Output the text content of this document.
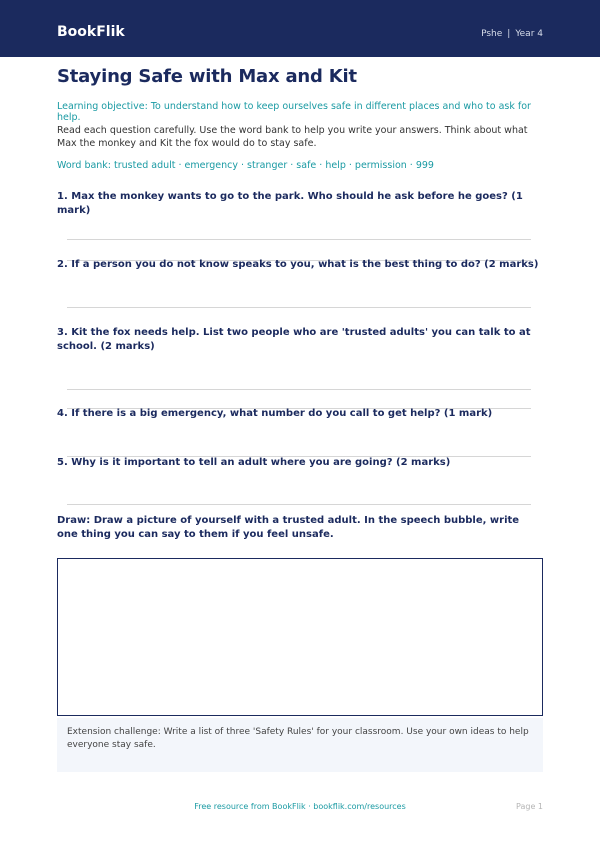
BookFlik	Pshe | Year 4
Staying Safe with Max and Kit
Learning objective: To understand how to keep ourselves safe in different places and who to ask for help.
Read each question carefully. Use the word bank to help you write your answers. Think about what Max the monkey and Kit the fox would do to stay safe.
Word bank: trusted adult · emergency · stranger · safe · help · permission · 999
1. Max the monkey wants to go to the park. Who should he ask before he goes? (1 mark)
2. If a person you do not know speaks to you, what is the best thing to do? (2 marks)
3. Kit the fox needs help. List two people who are 'trusted adults' you can talk to at school. (2 marks)
4. If there is a big emergency, what number do you call to get help? (1 mark)
5. Why is it important to tell an adult where you are going? (2 marks)
Draw: Draw a picture of yourself with a trusted adult. In the speech bubble, write one thing you can say to them if you feel unsafe.
Extension challenge: Write a list of three 'Safety Rules' for your classroom. Use your own ideas to help everyone stay safe.
Free resource from BookFlik · bookflik.com/resources	Page 1
